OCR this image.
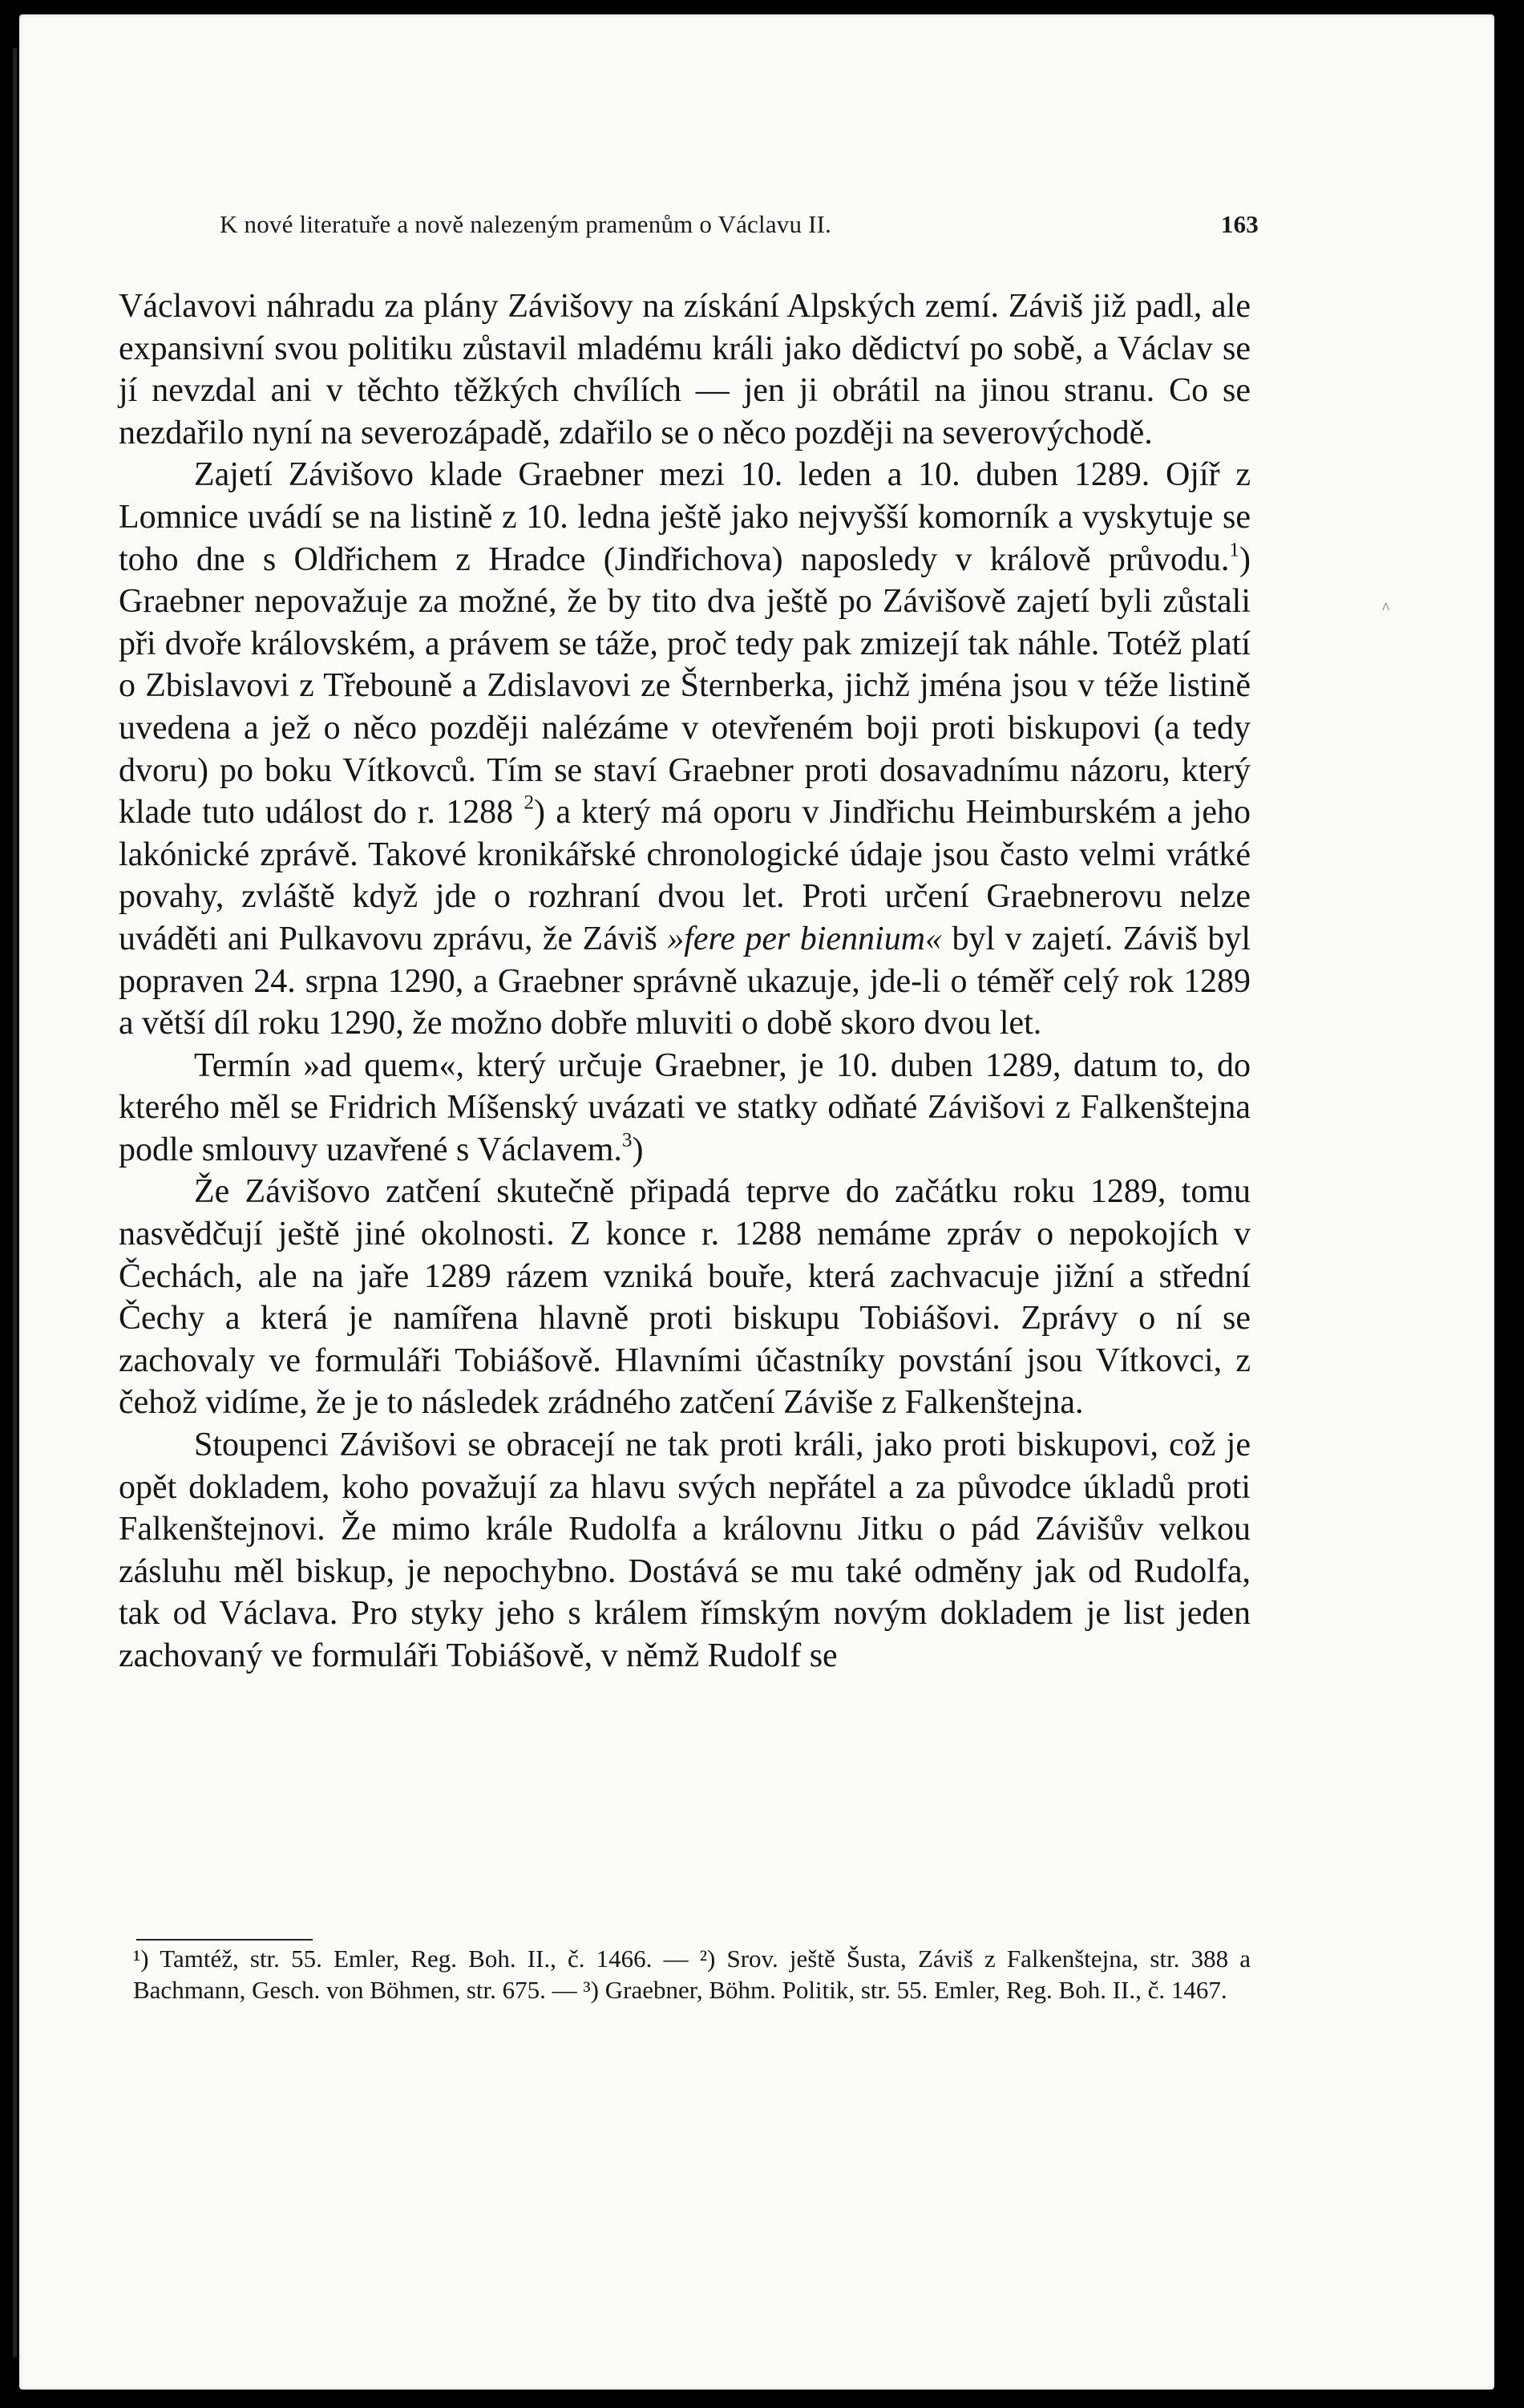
K nové literatuře a nově nalezeným pramenům o Václavu II.	163
^

Václavovi náhradu za plány Závišovy na získání Alpských zemí. Záviš již padl, ale expansivní svou politiku zůstavil mladému králi jako dědictví po sobě, a Václav se jí nevzdal ani v těchto těžkých chvílích — jen ji obrátil na jinou stranu. Co se nezdařilo nyní na severozápadě, zdařilo se o něco později na severovýchodě.

Zajetí Závišovo klade Graebner mezi 10. leden a 10. duben 1289. Ojíř z Lomnice uvádí se na listině z 10. ledna ještě jako nejvyšší komorník a vyskytuje se toho dne s Oldřichem z Hradce (Jindřichova) naposledy v králově průvodu.$^1$) Graebner nepovažuje za možné, že by tito dva ještě po Závišově zajetí byli zůstali při dvoře královském, a právem se táže, proč tedy pak zmizejí tak náhle. Totéž platí o Zbislavovi z Třebouně a Zdislavovi ze Šternberka, jichž jména jsou v téže listině uvedena a jež o něco později nalézáme v otevřeném boji proti biskupovi (a tedy dvoru) po boku Vítkovců. Tím se staví Graebner proti dosavadnímu názoru, který klade tuto událost do r. 1288 $^2$) a který má oporu v Jindřichu Heimburském a jeho lakónické zprávě. Takové kronikářské chronologické údaje jsou často velmi vrátké povahy, zvláště když jde o rozhraní dvou let. Proti určení Graebnerovu nelze uváděti ani Pulkavovu zprávu, že Záviš »fere per biennium« byl v zajetí. Záviš byl popraven 24. srpna 1290, a Graebner správně ukazuje, jde-li o téměř celý rok 1289 a větší díl roku 1290, že možno dobře mluviti o době skoro dvou let.

Termín »ad quem«, který určuje Graebner, je 10. duben 1289, datum to, do kterého měl se Fridrich Míšenský uvázati ve statky odňaté Závišovi z Falkenštejna podle smlouvy uzavřené s Václavem.$^3$)

Že Závišovo zatčení skutečně připadá teprve do začátku roku 1289, tomu nasvědčují ještě jiné okolnosti. Z konce r. 1288 nemáme zpráv o nepokojích v Čechách, ale na jaře 1289 rázem vzniká bouře, která zachvacuje jižní a střední Čechy a která je namířena hlavně proti biskupu Tobiášovi. Zprávy o ní se zachovaly ve formuláři Tobiášově. Hlavními účastníky povstání jsou Vítkovci, z čehož vidíme, že je to následek zrádného zatčení Záviše z Falkenštejna.

Stoupenci Závišovi se obracejí ne tak proti králi, jako proti biskupovi, což je opět dokladem, koho považují za hlavu svých nepřátel a za původce úkladů proti Falkenštejnovi. Že mimo krále Rudolfa a královnu Jitku o pád Závišův velkou zásluhu měl biskup, je nepochybno. Dostává se mu také odměny jak od Rudolfa, tak od Václava. Pro styky jeho s králem římským novým dokladem je list jeden zachovaný ve formuláři Tobiášově, v němž Rudolf se

¹) Tamtéž, str. 55. Emler, Reg. Boh. II., č. 1466. — ²) Srov. ještě Šusta, Záviš z Falkenštejna, str. 388 a Bachmann, Gesch. von Böhmen, str. 675. — ³) Graebner, Böhm. Politik, str. 55. Emler, Reg. Boh. II., č. 1467.
